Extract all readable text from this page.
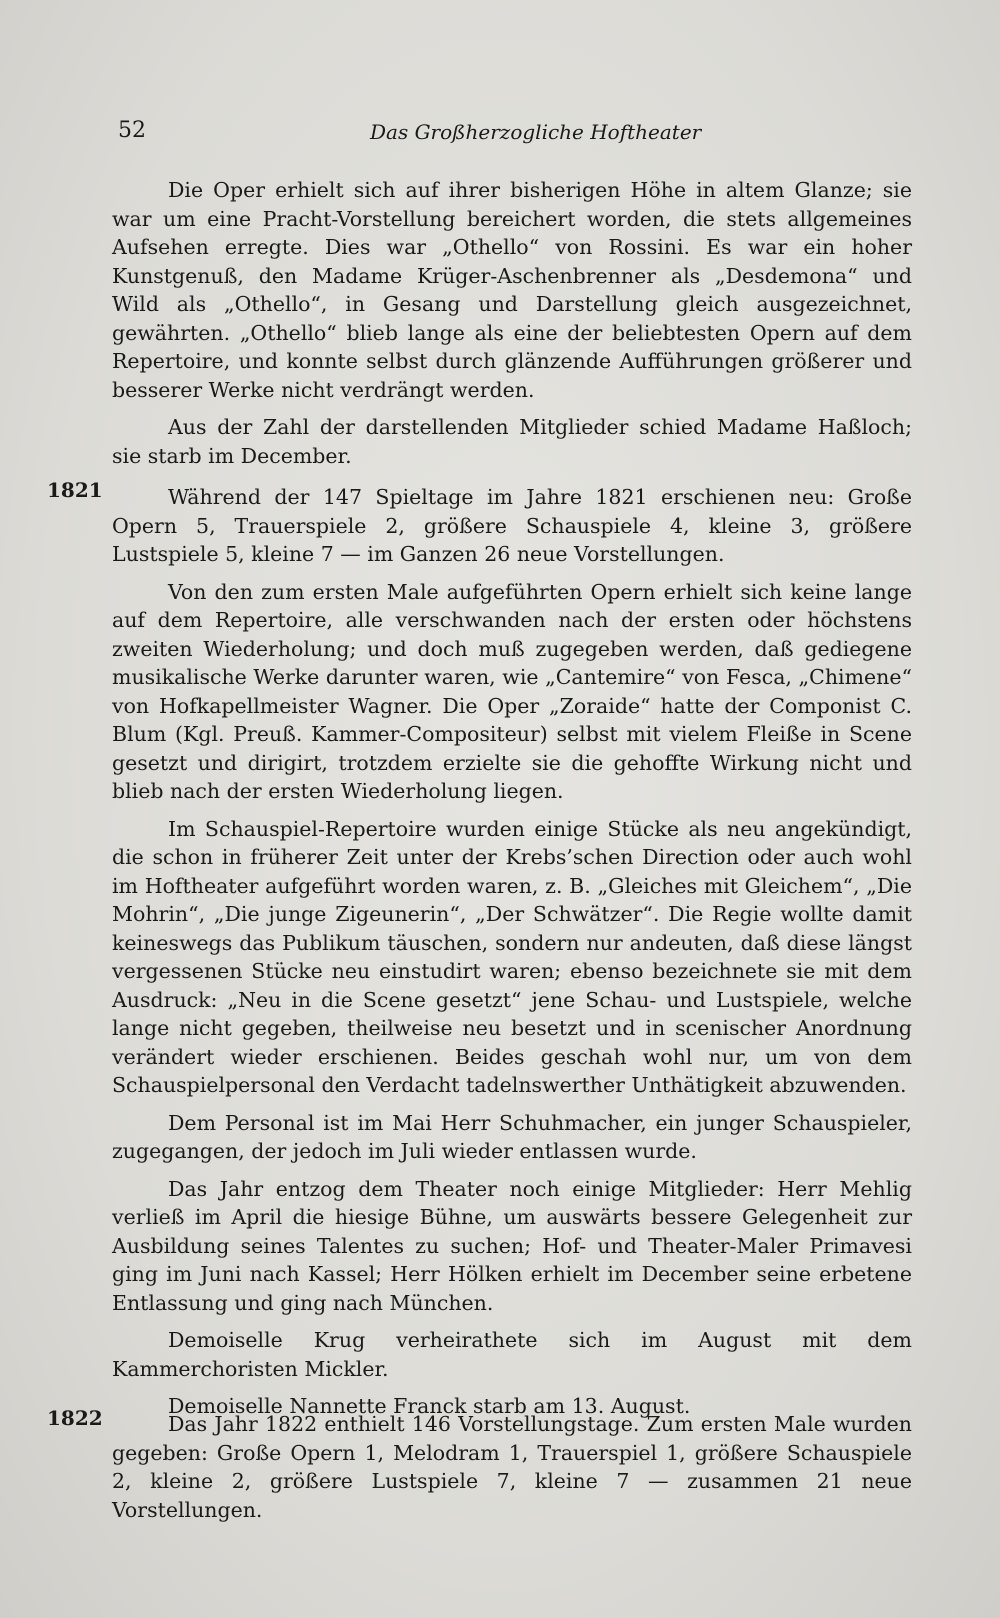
52	Das Großherzogliche Hoftheater
1821
1822

Die Oper erhielt sich auf ihrer bisherigen Höhe in altem Glanze; sie war um eine Pracht-Vorstellung bereichert worden, die stets allgemeines Aufsehen erregte. Dies war „Othello“ von Rossini. Es war ein hoher Kunstgenuß, den Madame Krüger-Aschenbrenner als „Desdemona“ und Wild als „Othello“, in Gesang und Darstellung gleich ausgezeichnet, gewährten. „Othello“ blieb lange als eine der beliebtesten Opern auf dem Repertoire, und konnte selbst durch glänzende Aufführungen größerer und besserer Werke nicht verdrängt werden.

Aus der Zahl der darstellenden Mitglieder schied Madame Haßloch; sie starb im December.

Während der 147 Spieltage im Jahre 1821 erschienen neu: Große Opern 5, Trauerspiele 2, größere Schauspiele 4, kleine 3, größere Lustspiele 5, kleine 7 — im Ganzen 26 neue Vorstellungen.

Von den zum ersten Male aufgeführten Opern erhielt sich keine lange auf dem Repertoire, alle verschwanden nach der ersten oder höchstens zweiten Wiederholung; und doch muß zugegeben werden, daß gediegene musikalische Werke darunter waren, wie „Cantemire“ von Fesca, „Chimene“ von Hofkapellmeister Wagner. Die Oper „Zoraide“ hatte der Componist C. Blum (Kgl. Preuß. Kammer-Compositeur) selbst mit vielem Fleiße in Scene gesetzt und dirigirt, trotzdem erzielte sie die gehoffte Wirkung nicht und blieb nach der ersten Wiederholung liegen.

Im Schauspiel-Repertoire wurden einige Stücke als neu angekündigt, die schon in früherer Zeit unter der Krebs’schen Direction oder auch wohl im Hoftheater aufgeführt worden waren, z. B. „Gleiches mit Gleichem“, „Die Mohrin“, „Die junge Zigeunerin“, „Der Schwätzer“. Die Regie wollte damit keineswegs das Publikum täuschen, sondern nur andeuten, daß diese längst vergessenen Stücke neu einstudirt waren; ebenso bezeichnete sie mit dem Ausdruck: „Neu in die Scene gesetzt“ jene Schau- und Lustspiele, welche lange nicht gegeben, theilweise neu besetzt und in scenischer Anordnung verändert wieder erschienen. Beides geschah wohl nur, um von dem Schauspielpersonal den Verdacht tadelnswerther Unthätigkeit abzuwenden.

Dem Personal ist im Mai Herr Schuhmacher, ein junger Schauspieler, zugegangen, der jedoch im Juli wieder entlassen wurde.

Das Jahr entzog dem Theater noch einige Mitglieder: Herr Mehlig verließ im April die hiesige Bühne, um auswärts bessere Gelegenheit zur Ausbildung seines Talentes zu suchen; Hof- und Theater-Maler Primavesi ging im Juni nach Kassel; Herr Hölken erhielt im December seine erbetene Entlassung und ging nach München.

Demoiselle Krug verheirathete sich im August mit dem Kammerchoristen Mickler.

Demoiselle Nannette Franck starb am 13. August.

Das Jahr 1822 enthielt 146 Vorstellungstage. Zum ersten Male wurden gegeben: Große Opern 1, Melodram 1, Trauerspiel 1, größere Schauspiele 2, kleine 2, größere Lustspiele 7, kleine 7 — zusammen 21 neue Vorstellungen.
